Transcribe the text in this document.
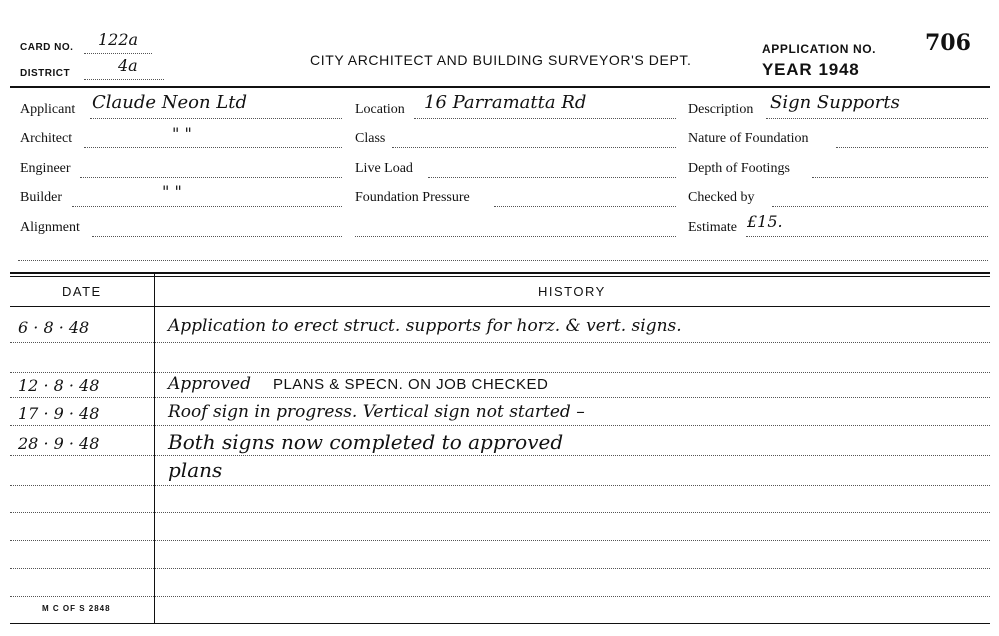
CARD NO. 122a
DISTRICT	4a	CITY ARCHITECT AND BUILDING SURVEYOR'S DEPT.
APPLICATION NO. 706
YEAR 1948
Applicant Claude Neon Ltd
Architect	" "
Engineer
Builder	" "
Alignment
Location 16 Parramatta Rd
Class
Live Load
Foundation Pressure
Description Sign Supports
Nature of Foundation
Depth of Footings
Checked by
Estimate £15.
DATE	HISTORY
6 · 8 · 48	Application to erect struct. supports for horz. & vert. signs.
12 · 8 · 48	Approved PLANS & SPECN. ON JOB CHECKED
17 · 9 · 48	Roof sign in progress. Vertical sign not started –
28 · 9 · 48	Both signs now completed to approved
plans
M C OF S 2848
